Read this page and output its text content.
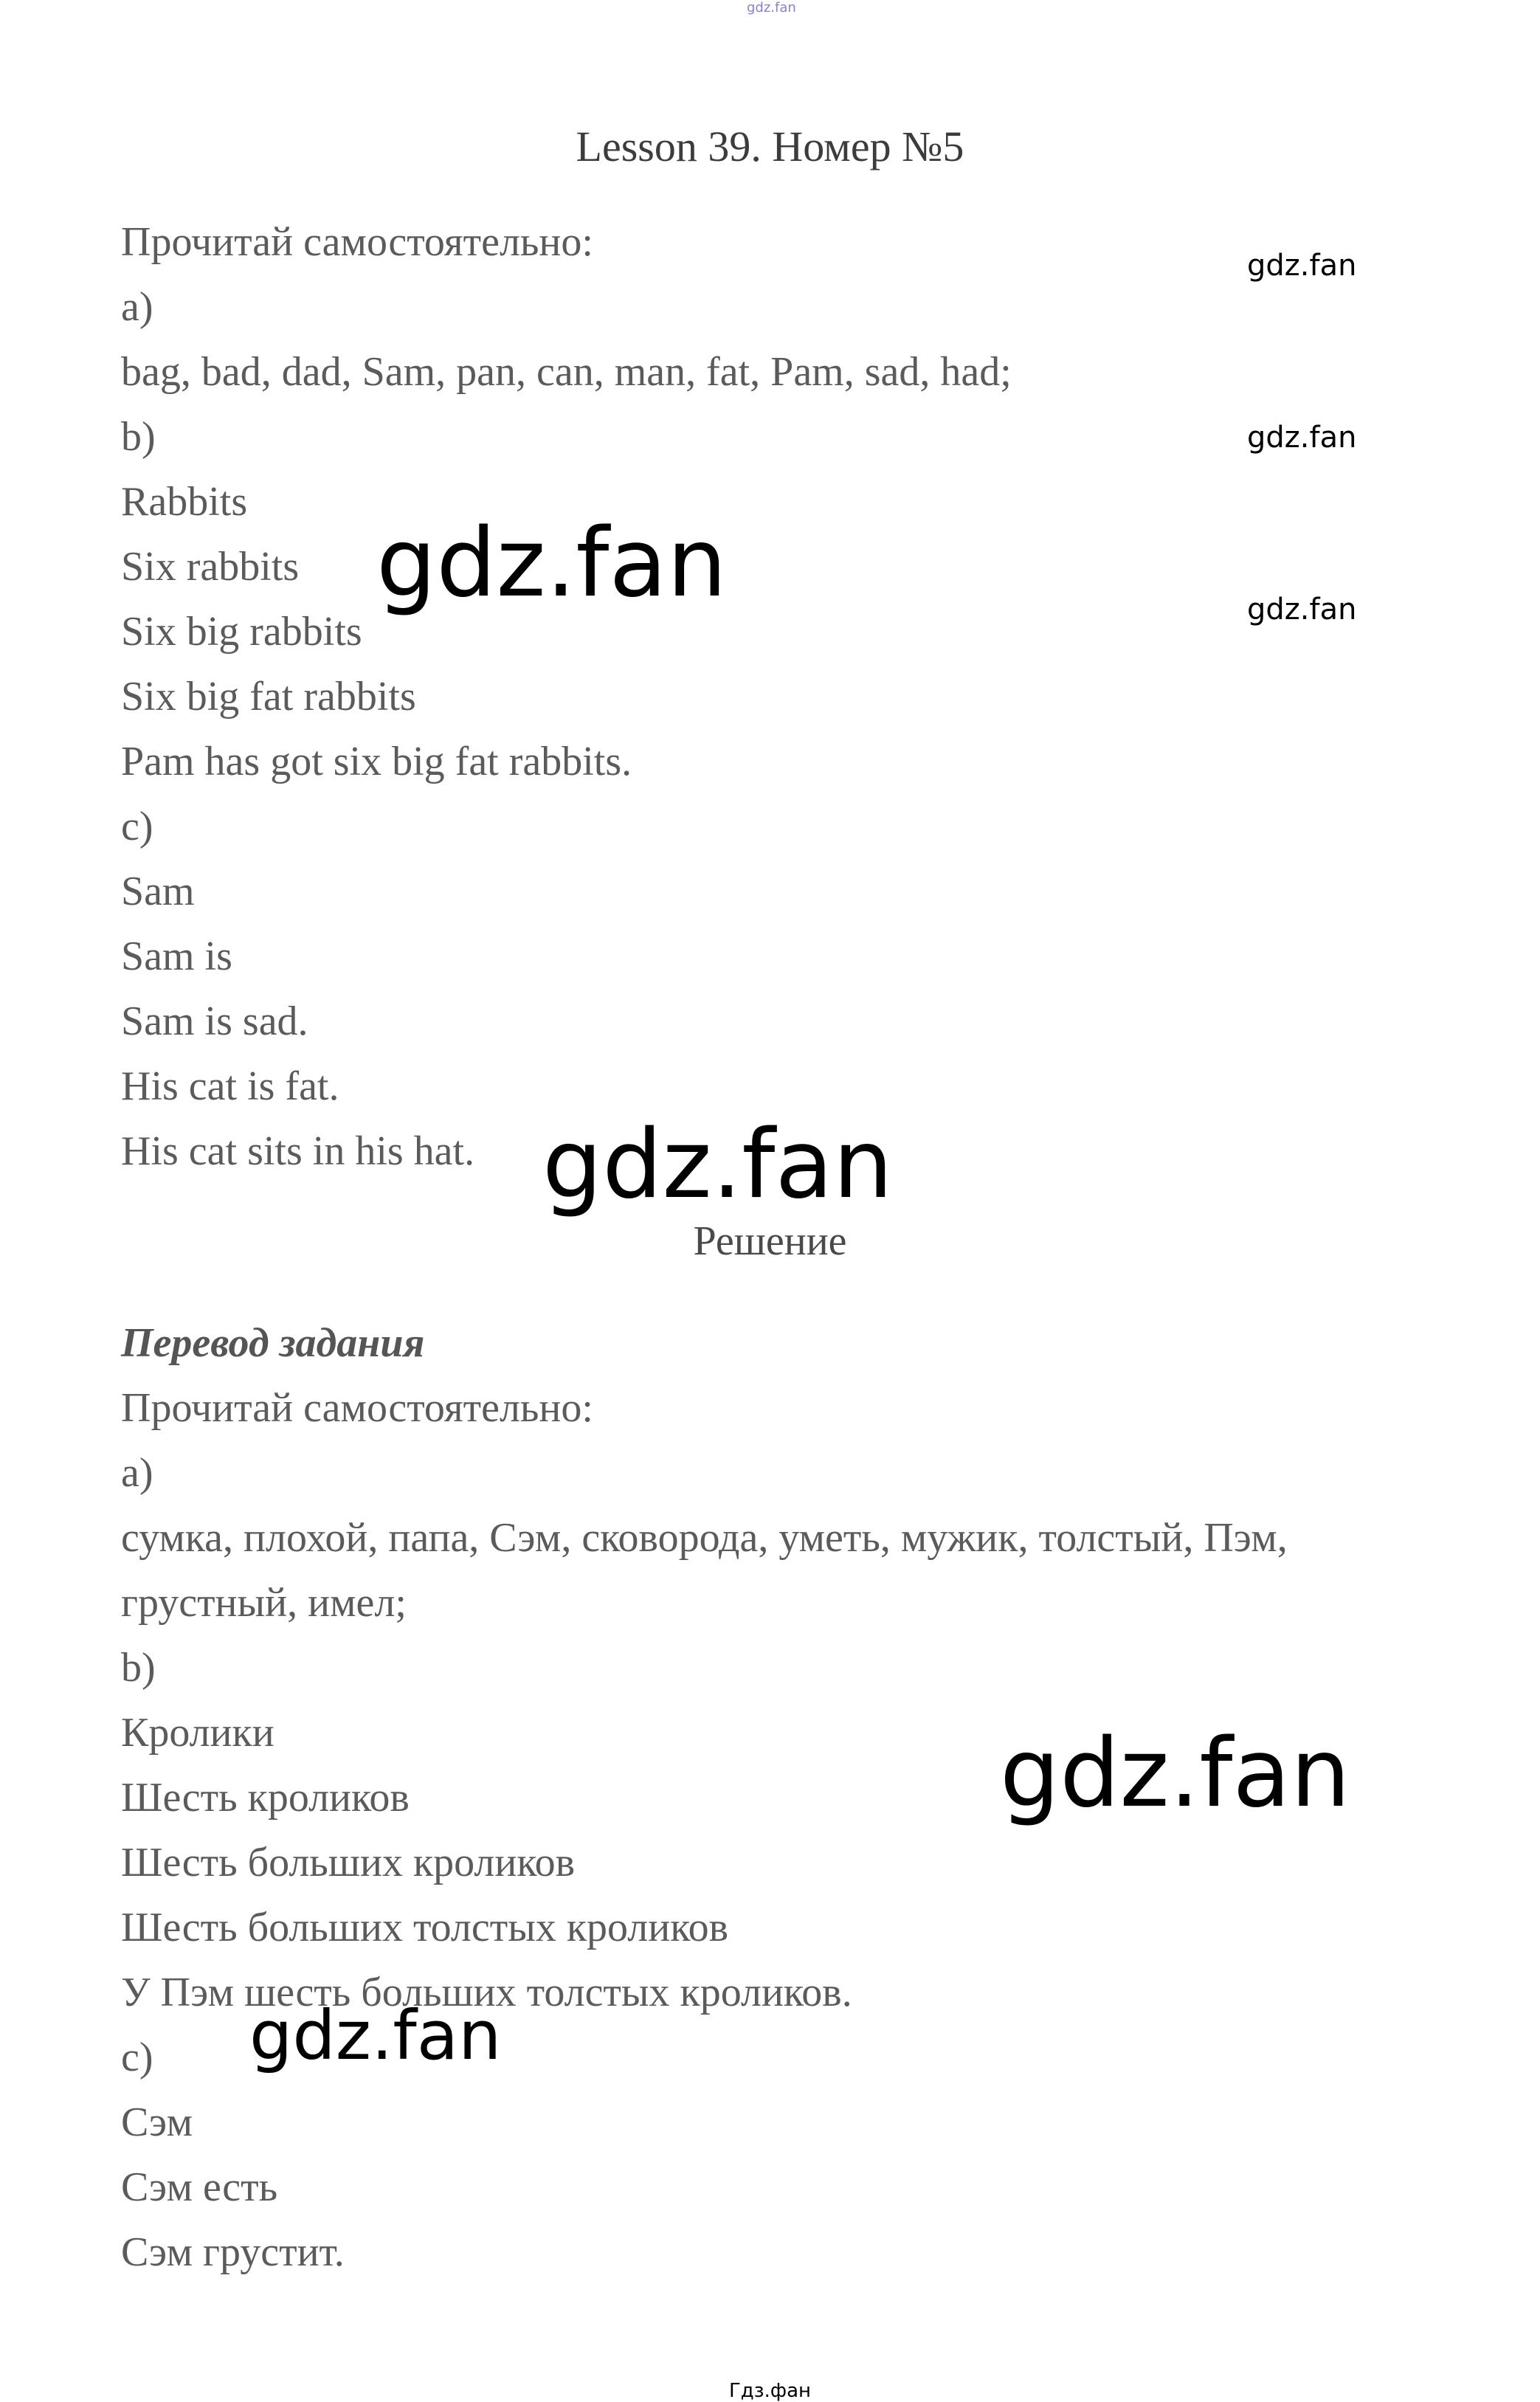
gdz.fan
Lesson 39. Номер №5
Прочитай самостоятельно:
a)
bag, bad, dad, Sam, pan, can, man, fat, Pam, sad, had;
b)
Rabbits
Six rabbits
Six big rabbits
Six big fat rabbits
Pam has got six big fat rabbits.
c)
Sam
Sam is
Sam is sad.
His cat is fat.
His cat sits in his hat.
Решение
Перевод задания
Прочитай самостоятельно:
a)
сумка, плохой, папа, Сэм, сковорода, уметь, мужик, толстый, Пэм,
грустный, имел;
b)
Кролики
Шесть кроликов
Шесть больших кроликов
Шесть больших толстых кроликов
У Пэм шесть больших толстых кроликов.
c)
Сэм
Сэм есть
Сэм грустит.
gdz.fan
gdz.fan
gdz.fan
gdz.fan
gdz.fan
gdz.fan
gdz.fan
Гдз.фан
